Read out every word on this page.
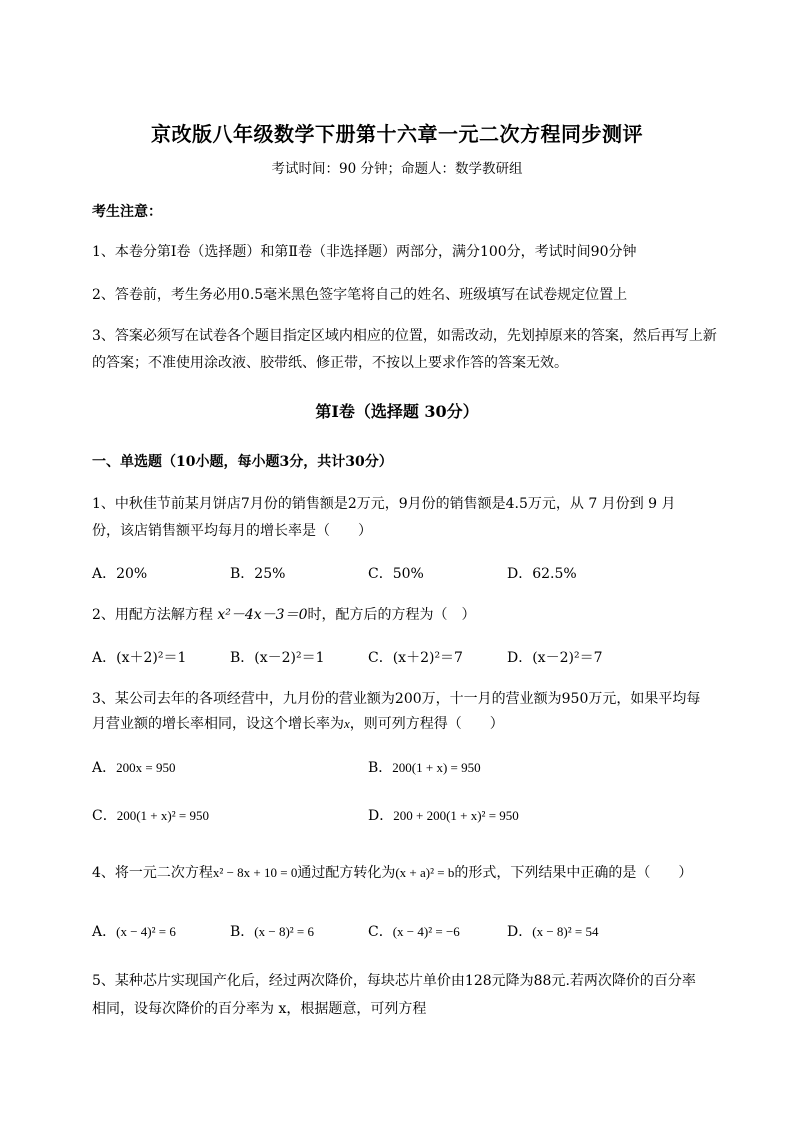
京改版八年级数学下册第十六章一元二次方程同步测评
考试时间：90 分钟；命题人：数学教研组
考生注意：
1、本卷分第Ⅰ卷（选择题）和第Ⅱ卷（非选择题）两部分，满分100分，考试时间90分钟
2、答卷前，考生务必用0.5毫米黑色签字笔将自己的姓名、班级填写在试卷规定位置上
3、答案必须写在试卷各个题目指定区域内相应的位置，如需改动，先划掉原来的答案，然后再写上新
的答案；不准使用涂改液、胶带纸、修正带，不按以上要求作答的答案无效。
第Ⅰ卷（选择题 30分）
一、单选题（10小题，每小题3分，共计30分）
1、中秋佳节前某月饼店7月份的销售额是2万元，9月份的销售额是4.5万元，从 7 月份到 9 月
份，该店销售额平均每月的增长率是（　　）
A．20%	B．25%	C．50%	D．62.5%
2、用配方法解方程 x²－4x－3＝0时，配方后的方程为（　）
A．(x＋2)²＝1	B．(x－2)²＝1	C．(x＋2)²＝7	D．(x－2)²＝7
3、某公司去年的各项经营中，九月份的营业额为200万，十一月的营业额为950万元，如果平均每
月营业额的增长率相同，设这个增长率为x，则可列方程得（　　）
A．200x = 950	B．200(1 + x) = 950
C．200(1 + x)² = 950	D．200 + 200(1 + x)² = 950
4、将一元二次方程x² − 8x + 10 = 0通过配方转化为(x + a)² = b的形式，下列结果中正确的是（　　）
A．(x − 4)² = 6	B．(x − 8)² = 6	C．(x − 4)² = −6	D．(x − 8)² = 54
5、某种芯片实现国产化后，经过两次降价，每块芯片单价由128元降为88元.若两次降价的百分率
相同，设每次降价的百分率为 x，根据题意，可列方程
